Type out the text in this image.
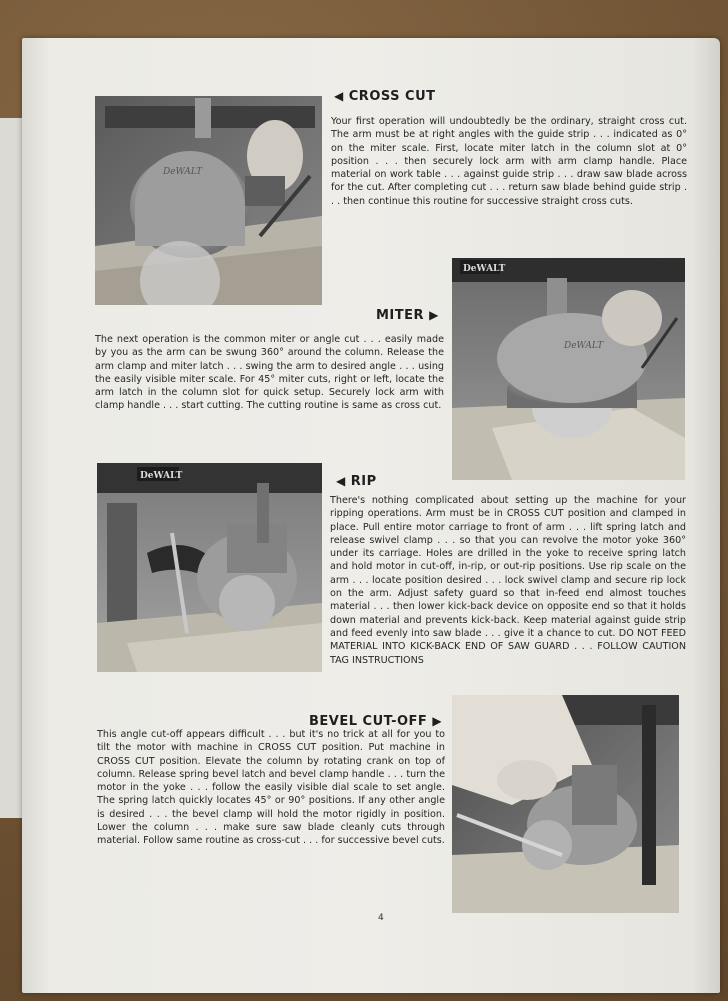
DeWALT
◀ CROSS CUT
Your first operation will undoubtedly be the ordinary, straight cross cut. The arm must be at right angles with the guide strip . . . indicated as 0° on the miter scale. First, locate miter latch in the column slot at 0° position . . . then securely lock arm with arm clamp handle. Place material on work table . . . against guide strip . . . draw saw blade across for the cut. After completing cut . . . return saw blade behind guide strip . . . then continue this routine for successive straight cross cuts.
DeWALT
DeWALT
MITER ▶
The next operation is the common miter or angle cut . . . easily made by you as the arm can be swung 360° around the column. Release the arm clamp and miter latch . . . swing the arm to desired angle . . . using the easily visible miter scale. For 45° miter cuts, right or left, locate the arm latch in the column slot for quick setup. Securely lock arm with clamp handle . . . start cutting. The cutting routine is same as cross cut.
DeWALT	◀ RIP
There's nothing complicated about setting up the machine for your ripping operations. Arm must be in CROSS CUT position and clamped in place. Pull entire motor carriage to front of arm . . . lift spring latch and release swivel clamp . . . so that you can revolve the motor yoke 360° under its carriage. Holes are drilled in the yoke to receive spring latch and hold motor in cut-off, in-rip, or out-rip positions. Use rip scale on the arm . . . locate position desired . . . lock swivel clamp and secure rip lock on the arm. Adjust safety guard so that in-feed end almost touches material . . . then lower kick-back device on opposite end so that it holds down material and prevents kick-back. Keep material against guide strip and feed evenly into saw blade . . . give it a chance to cut. DO NOT FEED MATERIAL INTO KICK-BACK END OF SAW GUARD . . . FOLLOW CAUTION TAG INSTRUCTIONS
BEVEL CUT-OFF ▶
This angle cut-off appears difficult . . . but it's no trick at all for you to tilt the motor with machine in CROSS CUT position. Put machine in CROSS CUT position. Elevate the column by rotating crank on top of column. Release spring bevel latch and bevel clamp handle . . . turn the motor in the yoke . . . follow the easily visible dial scale to set angle. The spring latch quickly locates 45° or 90° positions. If any other angle is desired . . . the bevel clamp will hold the motor rigidly in position. Lower the column . . . make sure saw blade cleanly cuts through material. Follow same routine as cross-cut . . . for successive bevel cuts.
4
